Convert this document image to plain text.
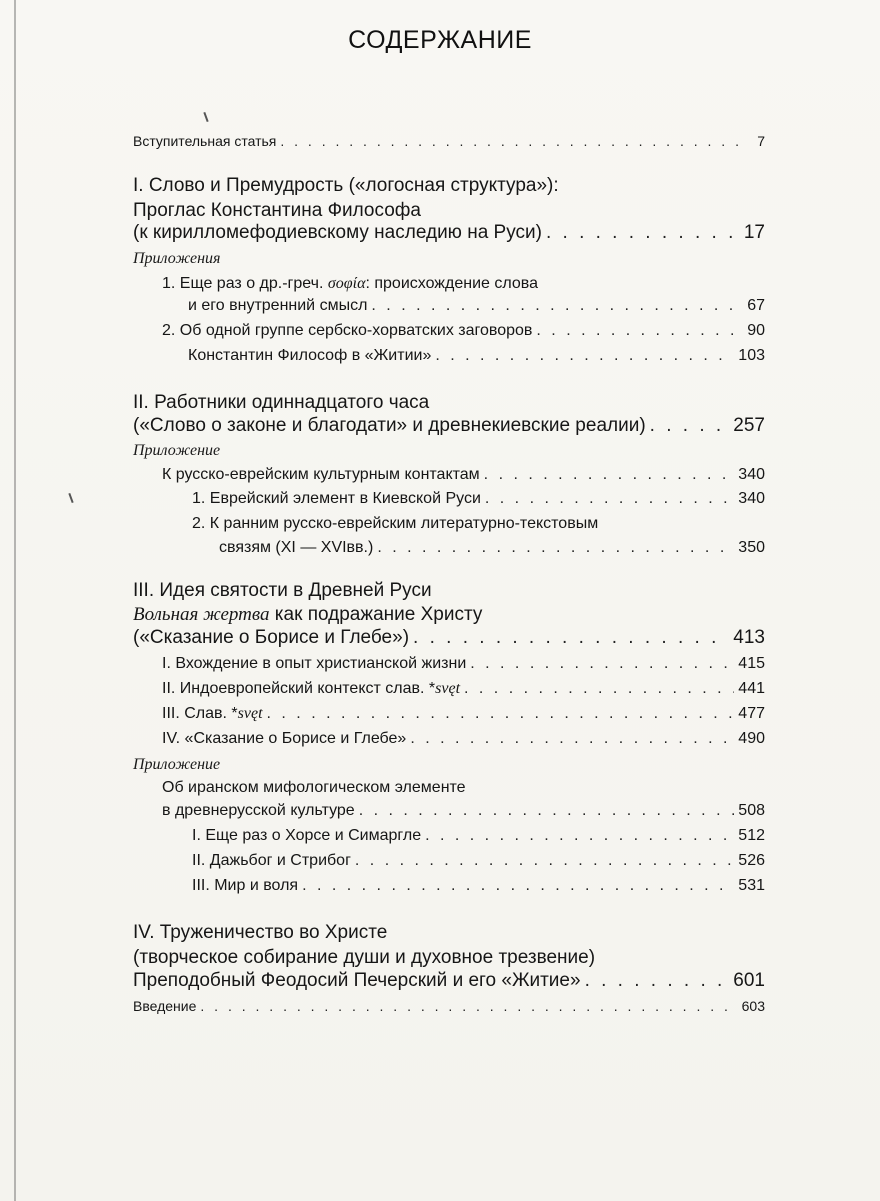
СОДЕРЖАНИЕ
Вступительная статья . . .	7
I. Слово и Премудрость («логосная структура»):
Проглас Константина Философа
(к кирилломефодиевскому наследию на Руси) . . .	17
Приложения
1. Еще раз о др.-греч. σοφία: происхождение слова
и его внутренний смысл . . .	67
2. Об одной группе сербско-хорватских заговоров . . .	90
Константин Философ в «Житии» . . .	103
II. Работники одиннадцатого часа
(«Слово о законе и благодати» и древнекиевские реалии) . . .	257
Приложение
К русско-еврейским культурным контактам . . .	340
1. Еврейский элемент в Киевской Руси . . .	340
2. К ранним русско-еврейским литературно-текстовым
связям (XI — XVIвв.) . . .	350
III. Идея святости в Древней Руси
Вольная жертва как подражание Христу
(«Сказание о Борисе и Глебе») . . .	413
I. Вхождение в опыт христианской жизни . . .	415
II. Индоевропейский контекст слав. *svęt . . .	441
III. Слав. *svęt . . .	477
IV. «Сказание о Борисе и Глебе» . . .	490
Приложение
Об иранском мифологическом элементе
в древнерусской культуре . . .	508
I. Еще раз о Хорсе и Симаргле . . .	512
II. Дажьбог и Стрибог . . .	526
III. Мир и воля . . .	531
IV. Труженичество во Христе
(творческое собирание души и духовное трезвение)
Преподобный Феодосий Печерский и его «Житие» . . .	601
Введение . . .	603
